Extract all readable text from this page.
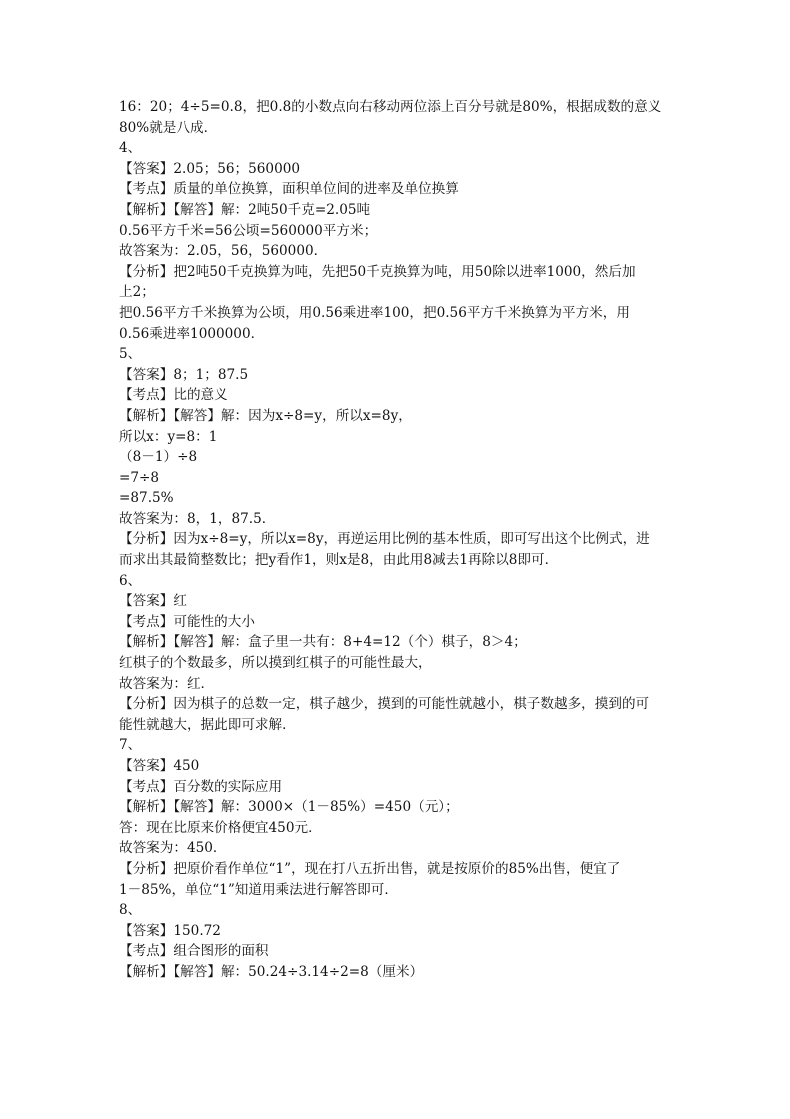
16：20；4÷5=0.8，把0.8的小数点向右移动两位添上百分号就是80%，根据成数的意义
80%就是八成．
4、
【答案】2.05；56；560000
【考点】质量的单位换算，面积单位间的进率及单位换算
【解析】【解答】解：2吨50千克=2.05吨
0.56平方千米=56公顷=560000平方米；
故答案为：2.05，56，560000．
【分析】把2吨50千克换算为吨，先把50千克换算为吨，用50除以进率1000，然后加
上2；
把0.56平方千米换算为公顷，用0.56乘进率100，把0.56平方千米换算为平方米，用
0.56乘进率1000000．
5、
【答案】8；1；87.5
【考点】比的意义
【解析】【解答】解：因为x÷8=y，所以x=8y，
所以x：y=8：1
（8－1）÷8
=7÷8
=87.5%
故答案为：8，1，87.5．
【分析】因为x÷8=y，所以x=8y，再逆运用比例的基本性质，即可写出这个比例式，进
而求出其最简整数比；把y看作1，则x是8，由此用8减去1再除以8即可．
6、
【答案】红
【考点】可能性的大小
【解析】【解答】解：盒子里一共有：8+4=12（个）棋子，8＞4；
红棋子的个数最多，所以摸到红棋子的可能性最大，
故答案为：红．
【分析】因为棋子的总数一定，棋子越少，摸到的可能性就越小，棋子数越多，摸到的可
能性就越大，据此即可求解．
7、
【答案】450
【考点】百分数的实际应用
【解析】【解答】解：3000×（1－85%）=450（元）；
答：现在比原来价格便宜450元．
故答案为：450．
【分析】把原价看作单位“1”，现在打八五折出售，就是按原价的85%出售，便宜了
1－85%，单位“1”知道用乘法进行解答即可．
8、
【答案】150.72
【考点】组合图形的面积
【解析】【解答】解：50.24÷3.14÷2=8（厘米）
